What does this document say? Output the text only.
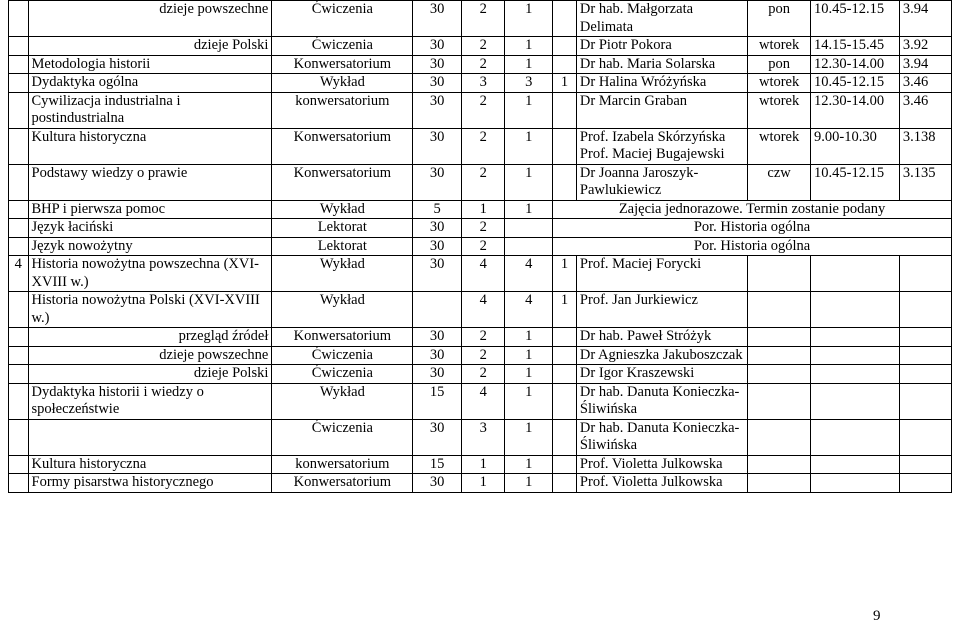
	dzieje powszechne	Ćwiczenia	30	2	1		Dr hab. Małgorzata Delimata	pon	10.45-12.15	3.94
	dzieje Polski	Ćwiczenia	30	2	1		Dr Piotr Pokora	wtorek	14.15-15.45	3.92
	Metodologia historii	Konwersatorium	30	2	1		Dr hab. Maria Solarska	pon	12.30-14.00	3.94
	Dydaktyka ogólna	Wykład	30	3	3	1	Dr Halina Wróżyńska	wtorek	10.45-12.15	3.46
	Cywilizacja industrialna i postindustrialna	konwersatorium	30	2	1		Dr Marcin Graban	wtorek	12.30-14.00	3.46
	Kultura historyczna	Konwersatorium	30	2	1		Prof. Izabela Skórzyńska Prof. Maciej Bugajewski	wtorek	9.00-10.30	3.138
	Podstawy wiedzy o prawie	Konwersatorium	30	2	1		Dr Joanna Jaroszyk-Pawlukiewicz	czw	10.45-12.15	3.135
	BHP i pierwsza pomoc	Wykład	5	1	1	Zajęcia jednorazowe. Termin zostanie podany				
	Język łaciński	Lektorat	30	2		Por. Historia ogólna				
	Język nowożytny	Lektorat	30	2		Por. Historia ogólna				
4	Historia nowożytna powszechna (XVI-XVIII w.)	Wykład	30	4	4	1	Prof. Maciej Forycki			
	Historia nowożytna Polski (XVI-XVIII w.)	Wykład		4	4	1	Prof. Jan Jurkiewicz			
	przegląd źródeł	Konwersatorium	30	2	1		Dr hab. Paweł Stróżyk			
	dzieje powszechne	Ćwiczenia	30	2	1		Dr Agnieszka Jakuboszczak			
	dzieje Polski	Ćwiczenia	30	2	1		Dr Igor Kraszewski			
	Dydaktyka historii i wiedzy o społeczeństwie	Wykład	15	4	1		Dr hab. Danuta Konieczka-Śliwińska			
		Ćwiczenia	30	3	1		Dr hab. Danuta Konieczka-Śliwińska			
	Kultura historyczna	konwersatorium	15	1	1		Prof. Violetta Julkowska			
	Formy pisarstwa historycznego	Konwersatorium	30	1	1		Prof. Violetta Julkowska			
9
